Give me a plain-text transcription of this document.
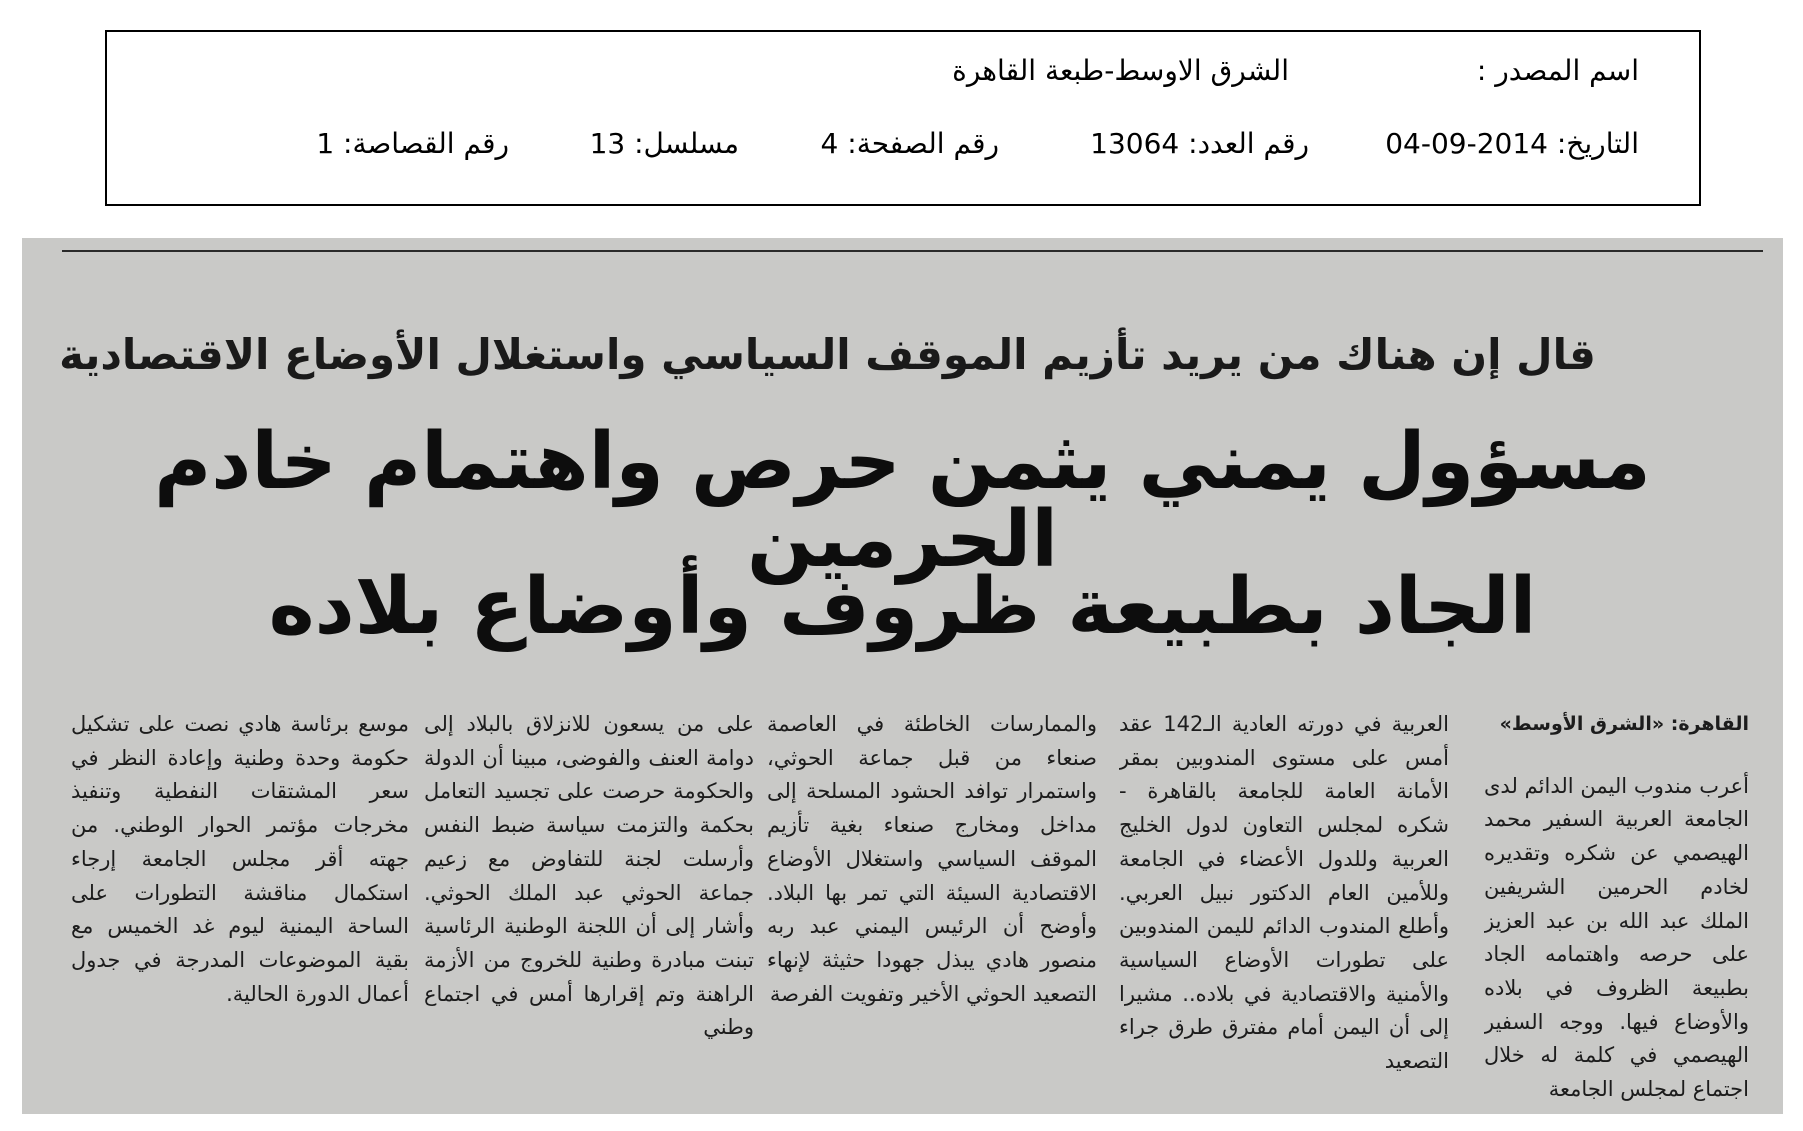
اسم المصدر :
الشرق الاوسط-طبعة القاهرة
التاريخ: 2014-09-04
رقم العدد: 13064
رقم الصفحة: 4
مسلسل: 13
رقم القصاصة: 1
قال إن هناك من يريد تأزيم الموقف السياسي واستغلال الأوضاع الاقتصادية
مسؤول يمني يثمن حرص واهتمام خادم الحرمين
الجاد بطبيعة ظروف وأوضاع بلاده

القاهرة: «الشرق الأوسط»

أعرب مندوب اليمن الدائم لدى الجامعة العربية السفير محمد الهيصمي عن شكره وتقديره لخادم الحرمين الشريفين الملك عبد الله بن عبد العزيز على حرصه واهتمامه الجاد بطبيعة الظروف في بلاده والأوضاع فيها. ووجه السفير الهيصمي في كلمة له خلال اجتماع لمجلس الجامعة

العربية في دورته العادية الـ142 عقد أمس على مستوى المندوبين بمقر الأمانة العامة للجامعة بالقاهرة - شكره لمجلس التعاون لدول الخليج العربية وللدول الأعضاء في الجامعة وللأمين العام الدكتور نبيل العربي. وأطلع المندوب الدائم لليمن المندوبين على تطورات الأوضاع السياسية والأمنية والاقتصادية في بلاده.. مشيرا إلى أن اليمن أمام مفترق طرق جراء التصعيد

والممارسات الخاطئة في العاصمة صنعاء من قبل جماعة الحوثي، واستمرار توافد الحشود المسلحة إلى مداخل ومخارج صنعاء بغية تأزيم الموقف السياسي واستغلال الأوضاع الاقتصادية السيئة التي تمر بها البلاد. وأوضح أن الرئيس اليمني عبد ربه منصور هادي يبذل جهودا حثيثة لإنهاء التصعيد الحوثي الأخير وتفويت الفرصة

على من يسعون للانزلاق بالبلاد إلى دوامة العنف والفوضى، مبينا أن الدولة والحكومة حرصت على تجسيد التعامل بحكمة والتزمت سياسة ضبط النفس وأرسلت لجنة للتفاوض مع زعيم جماعة الحوثي عبد الملك الحوثي. وأشار إلى أن اللجنة الوطنية الرئاسية تبنت مبادرة وطنية للخروج من الأزمة الراهنة وتم إقرارها أمس في اجتماع وطني

موسع برئاسة هادي نصت على تشكيل حكومة وحدة وطنية وإعادة النظر في سعر المشتقات النفطية وتنفيذ مخرجات مؤتمر الحوار الوطني. من جهته أقر مجلس الجامعة إرجاء استكمال مناقشة التطورات على الساحة اليمنية ليوم غد الخميس مع بقية الموضوعات المدرجة في جدول أعمال الدورة الحالية.
